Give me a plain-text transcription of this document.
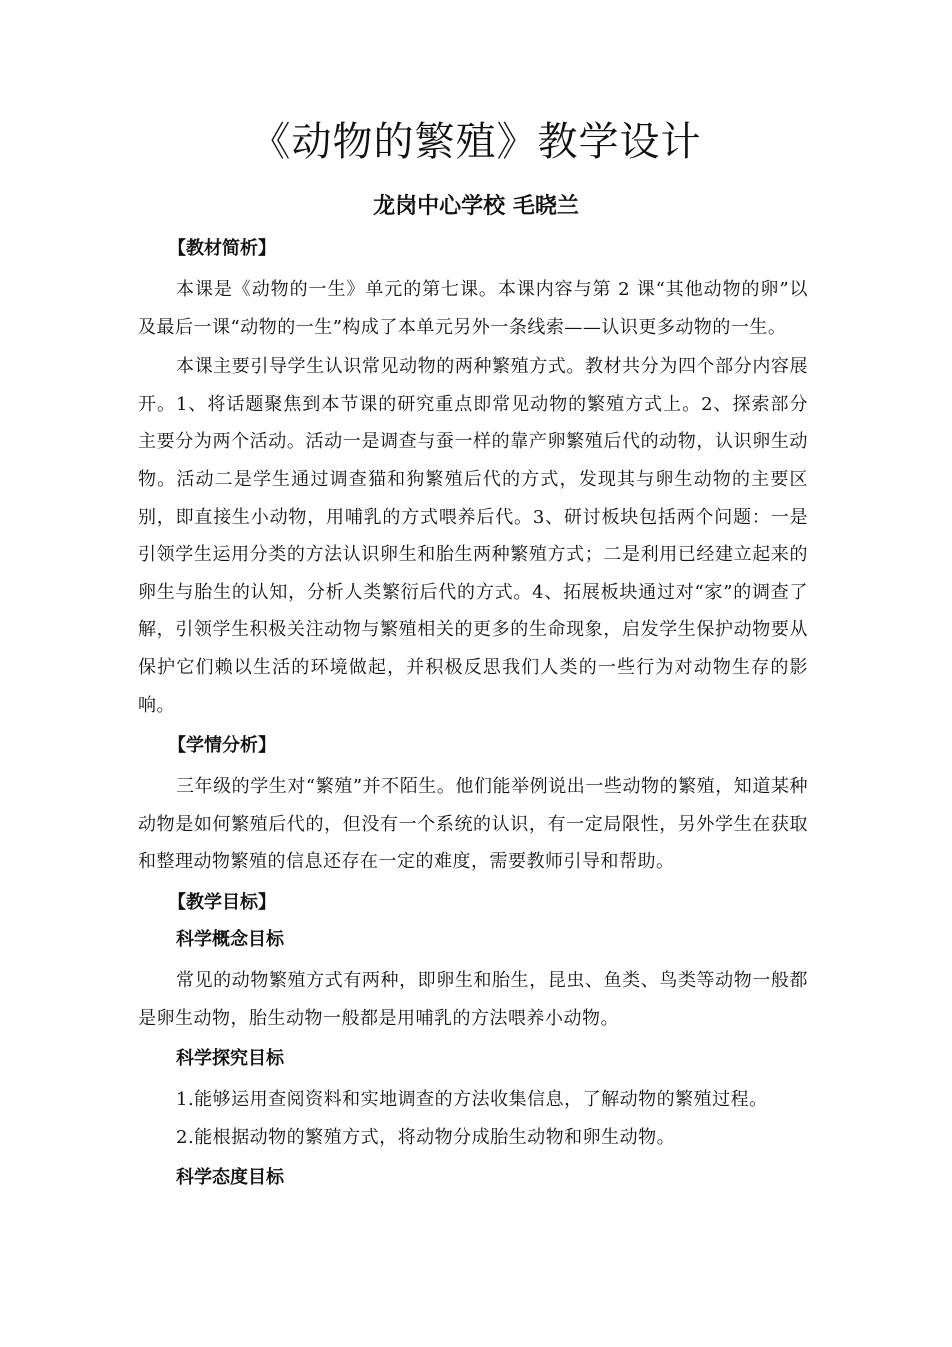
《动物的繁殖》教学设计

龙岗中心学校 毛晓兰

【教材简析】

本课是《动物的一生》单元的第七课。本课内容与第 2 课“其他动物的卵”以及最后一课“动物的一生”构成了本单元另外一条线索——认识更多动物的一生。

本课主要引导学生认识常见动物的两种繁殖方式。教材共分为四个部分内容展开。1、将话题聚焦到本节课的研究重点即常见动物的繁殖方式上。2、探索部分主要分为两个活动。活动一是调查与蚕一样的靠产卵繁殖后代的动物，认识卵生动物。活动二是学生通过调查猫和狗繁殖后代的方式，发现其与卵生动物的主要区别，即直接生小动物，用哺乳的方式喂养后代。3、研讨板块包括两个问题：一是引领学生运用分类的方法认识卵生和胎生两种繁殖方式；二是利用已经建立起来的卵生与胎生的认知，分析人类繁衍后代的方式。4、拓展板块通过对“家”的调查了解，引领学生积极关注动物与繁殖相关的更多的生命现象，启发学生保护动物要从保护它们赖以生活的环境做起，并积极反思我们人类的一些行为对动物生存的影响。

【学情分析】

三年级的学生对“繁殖”并不陌生。他们能举例说出一些动物的繁殖，知道某种动物是如何繁殖后代的，但没有一个系统的认识，有一定局限性，另外学生在获取和整理动物繁殖的信息还存在一定的难度，需要教师引导和帮助。

【教学目标】
科学概念目标

常见的动物繁殖方式有两种，即卵生和胎生，昆虫、鱼类、鸟类等动物一般都是卵生动物，胎生动物一般都是用哺乳的方法喂养小动物。

科学探究目标

1.能够运用查阅资料和实地调查的方法收集信息，了解动物的繁殖过程。

2.能根据动物的繁殖方式，将动物分成胎生动物和卵生动物。

科学态度目标
